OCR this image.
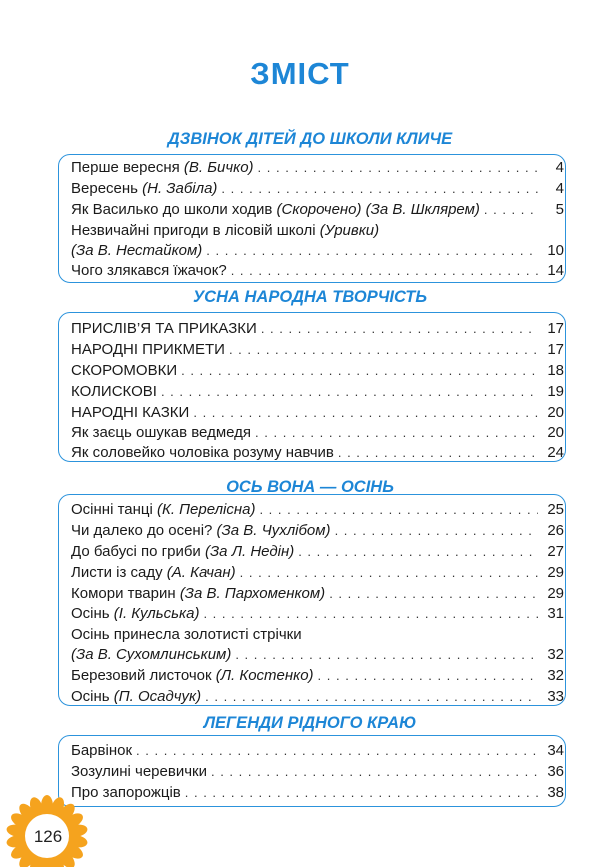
ЗМІСТ
ДЗВІНОК ДІТЕЙ ДО ШКОЛИ КЛИЧЕ
Перше вересня (В. Бичко) . . .	4
Вересень (Н. Забіла) . . .	4
Як Василько до школи ходив (Скорочено) (За В. Шклярем) . . .	5
Незвичайні пригоди в лісовій школі (Уривки)
(За В. Нестайком) . . .	10
Чого злякався їжачок? . . .	14
УСНА НАРОДНА ТВОРЧІСТЬ
ПРИСЛІВ’Я ТА ПРИКАЗКИ . . .	17
НАРОДНІ ПРИКМЕТИ . . .	17
СКОРОМОВКИ . . .	18
КОЛИСКОВІ . . .	19
НАРОДНІ КАЗКИ . . .	20
Як заєць ошукав ведмедя . . .	20
Як соловейко чоловіка розуму навчив . . .	24
ОСЬ ВОНА — ОСІНЬ
Осінні танці (К. Перелісна) . . .	25
Чи далеко до осені? (За В. Чухлібом) . . .	26
До бабусі по гриби (За Л. Недін) . . .	27
Листи із саду (А. Качан) . . .	29
Комори тварин (За В. Пархоменком) . . .	29
Осінь (І. Кульська) . . .	31
Осінь принесла золотисті стрічки
(За В. Сухомлинським) . . .	32
Березовий листочок (Л. Костенко) . . .	32
Осінь (П. Осадчук) . . .	33
ЛЕГЕНДИ РІДНОГО КРАЮ
Барвінок . . .	34
Зозулині черевички . . .	36
Про запорожців . . .	38
126
